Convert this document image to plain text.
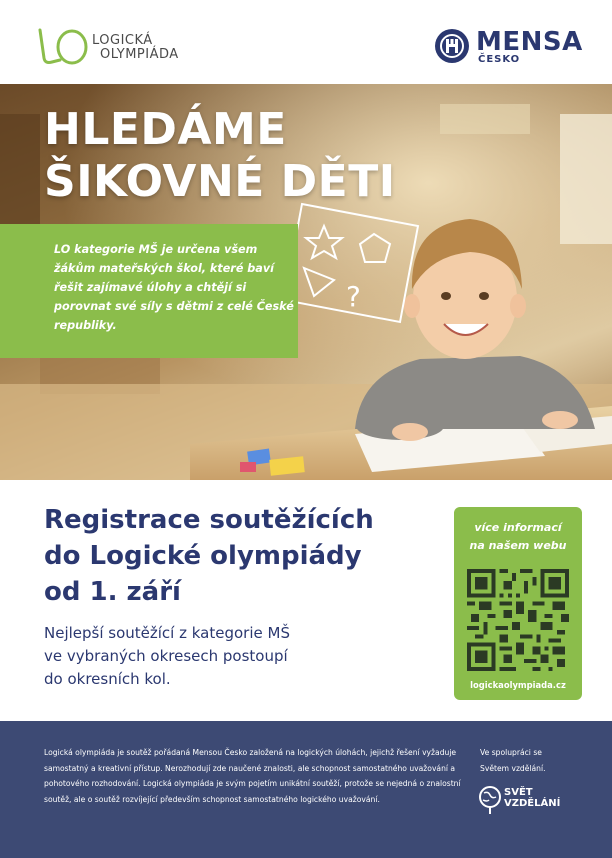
LOGICKÁ
OLYMPIÁDA	MENSA
ČESKO
?
HLEDÁME
ŠIKOVNÉ DĚTI
LO kategorie MŠ je určena všem žákům mateřských škol, které baví řešit zajímavé úlohy a chtějí si porovnat své síly s dětmi z celé České republiky.
Registrace soutěžících
do Logické olympiády
od 1. září
Nejlepší soutěžící z kategorie MŠ
ve vybraných okresech postoupí
do okresních kol.
více informací
na našem webu
logickaolympiada.cz
Logická olympiáda je soutěž pořádaná Mensou Česko založená na logických úlohách, jejichž řešení vyžaduje samostatný a kreativní přístup. Nerozhodují zde naučené znalosti, ale schopnost samostatného uvažování a pohotového rozhodování. Logická olympiáda je svým pojetím unikátní soutěží, protože se nejedná o znalostní soutěž, ale o soutěž rozvíjející především schopnost samostatného logického uvažování.
Ve spolupráci se
Světem vzdělání.
SVĚT
VZDĚLÁNÍ
